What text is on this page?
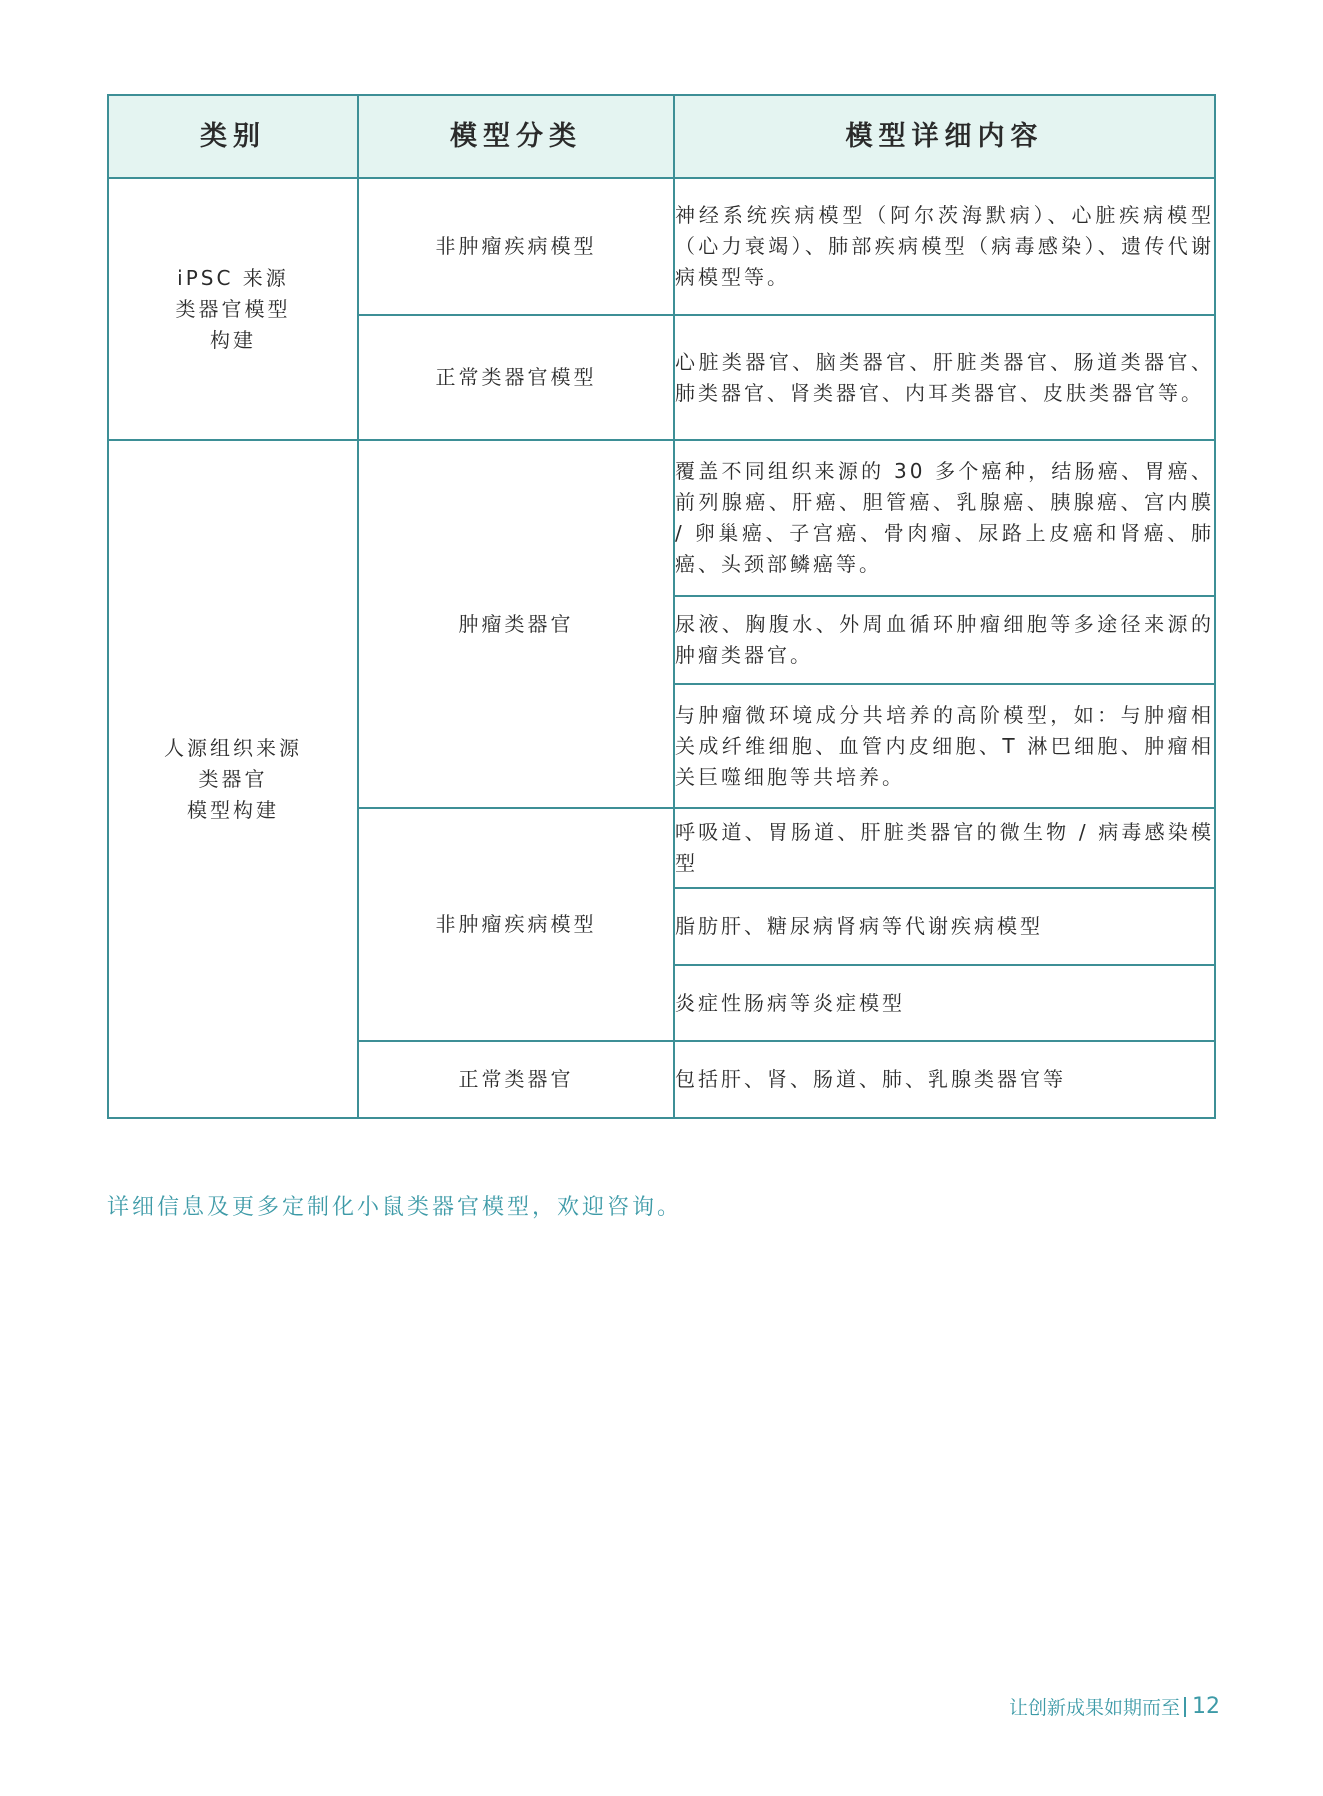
类别	模型分类	模型详细内容

iPSC 来源
类器官模型
构建	非肿瘤疾病模型	神经系统疾病模型（阿尔茨海默病）、心脏疾病模型（心力衰竭）、肺部疾病模型（病毒感染）、遗传代谢病模型等。
	正常类器官模型	心脏类器官、脑类器官、肝脏类器官、肠道类器官、肺类器官、肾类器官、内耳类器官、皮肤类器官等。

人源组织来源
类器官
模型构建	肿瘤类器官	覆盖不同组织来源的 30 多个癌种，结肠癌、胃癌、前列腺癌、肝癌、胆管癌、乳腺癌、胰腺癌、宫内膜 / 卵巢癌、子宫癌、骨肉瘤、尿路上皮癌和肾癌、肺癌、头颈部鳞癌等。
		尿液、胸腹水、外周血循环肿瘤细胞等多途径来源的肿瘤类器官。
		与肿瘤微环境成分共培养的高阶模型，如：与肿瘤相关成纤维细胞、血管内皮细胞、T 淋巴细胞、肿瘤相关巨噬细胞等共培养。
	非肿瘤疾病模型	呼吸道、胃肠道、肝脏类器官的微生物 / 病毒感染模型
		脂肪肝、糖尿病肾病等代谢疾病模型
		炎症性肠病等炎症模型
	正常类器官	包括肝、肾、肠道、肺、乳腺类器官等
详细信息及更多定制化小鼠类器官模型，欢迎咨询。
让创新成果如期而至 12
